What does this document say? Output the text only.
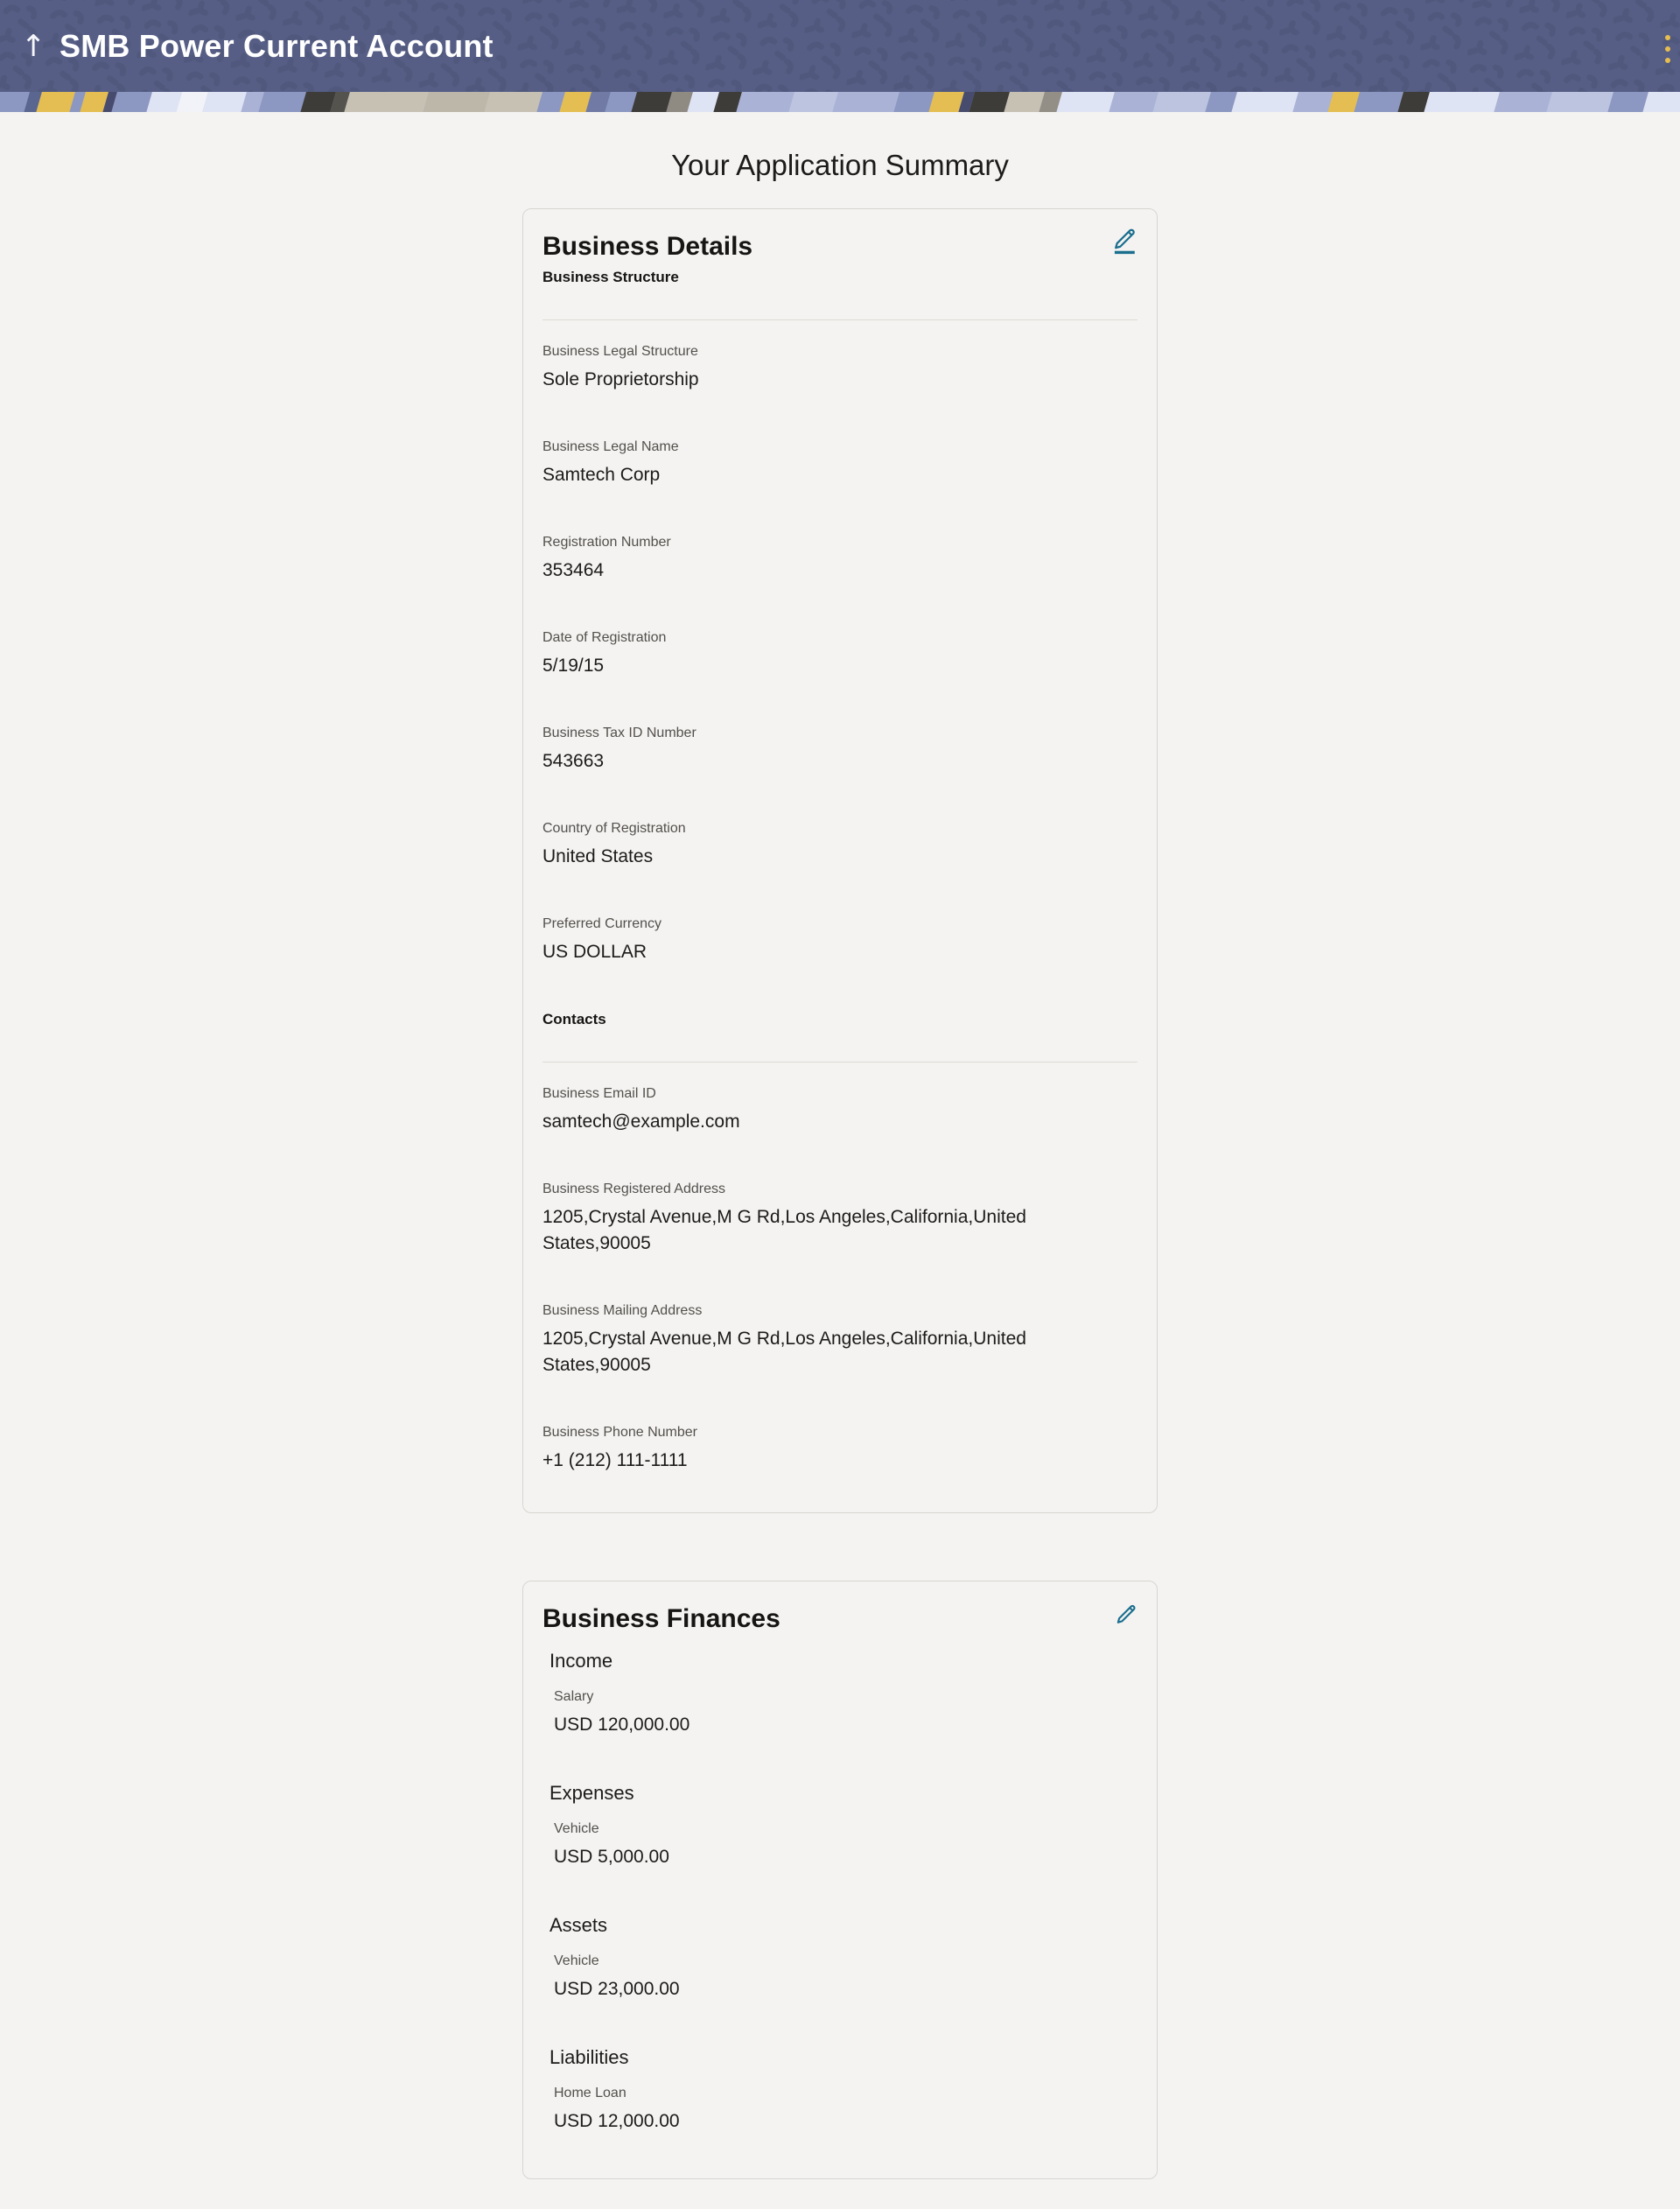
↑ SMB Power Current Account
Your Application Summary
Business Details
Business Structure
Business Legal Structure
Sole Proprietorship
Business Legal Name
Samtech Corp
Registration Number
353464
Date of Registration
5/19/15
Business Tax ID Number
543663
Country of Registration
United States
Preferred Currency
US DOLLAR
Contacts
Business Email ID
samtech@example.com
Business Registered Address
1205,Crystal Avenue,M G Rd,Los Angeles,California,United States,90005
Business Mailing Address
1205,Crystal Avenue,M G Rd,Los Angeles,California,United States,90005
Business Phone Number
+1 (212) 111-1111
Business Finances
Income
Salary
USD 120,000.00
Expenses
Vehicle
USD 5,000.00
Assets
Vehicle
USD 23,000.00
Liabilities
Home Loan
USD 12,000.00
